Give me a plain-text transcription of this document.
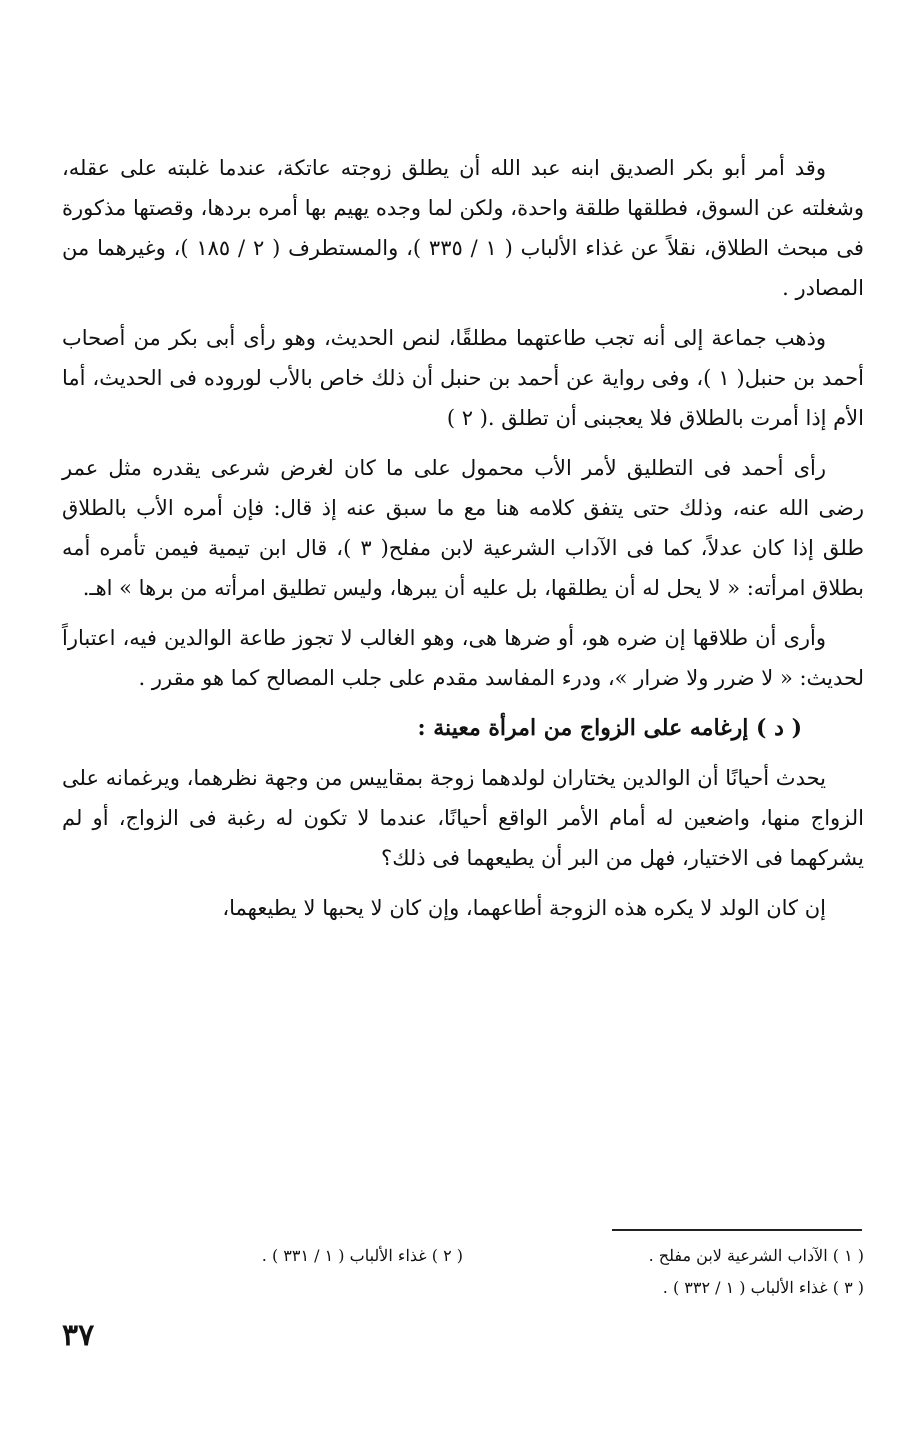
وقد أمر أبو بكر الصديق ابنه عبد الله أن يطلق زوجته عاتكة، عندما غلبته على عقله، وشغلته عن السوق، فطلقها طلقة واحدة، ولكن لما وجده يهيم بها أمره بردها، وقصتها مذكورة فى مبحث الطلاق، نقلاً عن غذاء الألباب ( ١ / ٣٣٥ )، والمستطرف ( ٢ / ١٨٥ )، وغيرهما من المصادر .

وذهب جماعة إلى أنه تجب طاعتهما مطلقًا، لنص الحديث، وهو رأى أبى بكر من أصحاب أحمد بن حنبل( ١ )، وفى رواية عن أحمد بن حنبل أن ذلك خاص بالأب لوروده فى الحديث، أما الأم إذا أمرت بالطلاق فلا يعجبنى أن تطلق .( ٢ )

رأى أحمد فى التطليق لأمر الأب محمول على ما كان لغرض شرعى يقدره مثل عمر رضى الله عنه، وذلك حتى يتفق كلامه هنا مع ما سبق عنه إذ قال: فإن أمره الأب بالطلاق طلق إذا كان عدلاً، كما فى الآداب الشرعية لابن مفلح( ٣ )، قال ابن تيمية فيمن تأمره أمه بطلاق امرأته: « لا يحل له أن يطلقها، بل عليه أن يبرها، وليس تطليق امرأته من برها » اهـ.

وأرى أن طلاقها إن ضره هو، أو ضرها هى، وهو الغالب لا تجوز طاعة الوالدين فيه، اعتباراً لحديث: « لا ضرر ولا ضرار »، ودرء المفاسد مقدم على جلب المصالح كما هو مقرر .

( د ) إرغامه على الزواج من امرأة معينة :

يحدث أحيانًا أن الوالدين يختاران لولدهما زوجة بمقاييس من وجهة نظرهما، ويرغمانه على الزواج منها، واضعين له أمام الأمر الواقع أحيانًا، عندما لا تكون له رغبة فى الزواج، أو لم يشركهما فى الاختيار، فهل من البر أن يطيعهما فى ذلك؟

إن كان الولد لا يكره هذه الزوجة أطاعهما، وإن كان لا يحبها لا يطيعهما،

( ١ ) الآداب الشرعية لابن مفلح .
( ٢ ) غذاء الألباب ( ١ / ٣٣١ ) .
( ٣ ) غذاء الألباب ( ١ / ٣٣٢ ) .
٣٧
